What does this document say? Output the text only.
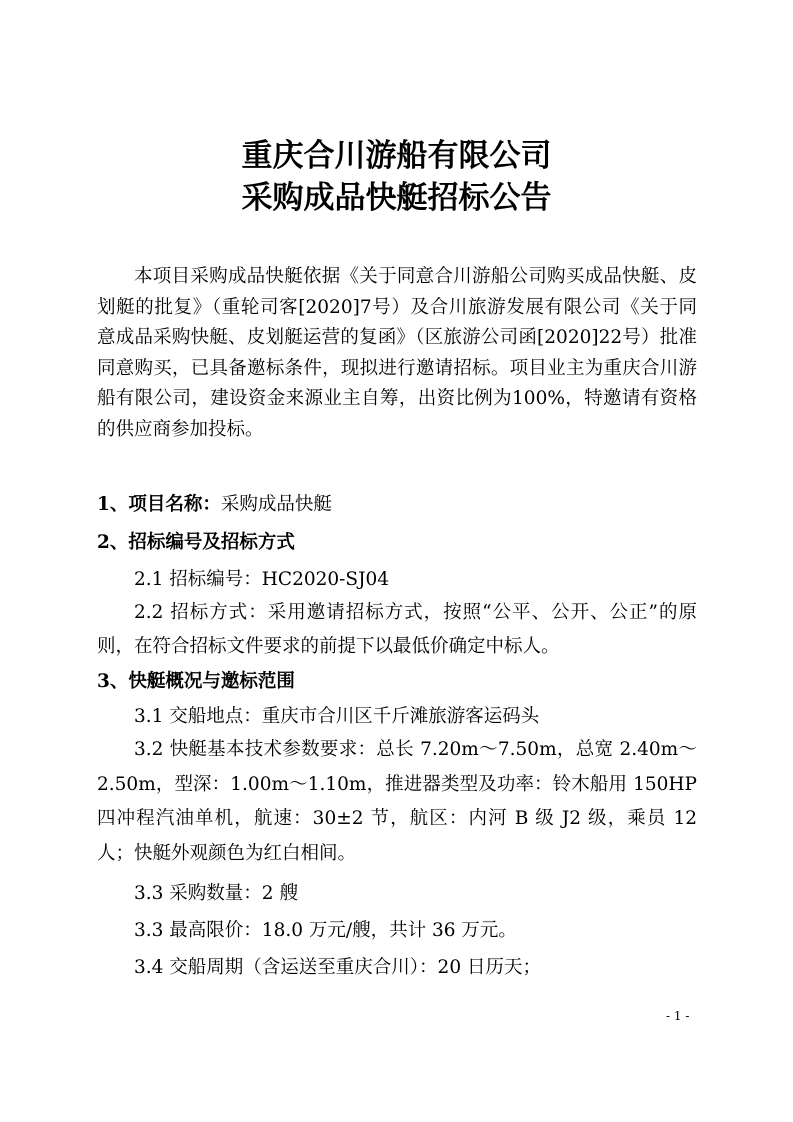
重庆合川游船有限公司
采购成品快艇招标公告
本项目采购成品快艇依据《关于同意合川游船公司购买成品快艇、皮划艇的批复》（重轮司客[2020]7号）及合川旅游发展有限公司《关于同意成品采购快艇、皮划艇运营的复函》（区旅游公司函[2020]22号）批准同意购买，已具备邀标条件，现拟进行邀请招标。项目业主为重庆合川游船有限公司，建设资金来源业主自筹，出资比例为100%，特邀请有资格的供应商参加投标。
1、项目名称：采购成品快艇
2、招标编号及招标方式
2.1 招标编号：HC2020-SJ04
2.2 招标方式：采用邀请招标方式，按照“公平、公开、公正”的原则，在符合招标文件要求的前提下以最低价确定中标人。
3、快艇概况与邀标范围
3.1 交船地点：重庆市合川区千斤滩旅游客运码头
3.2 快艇基本技术参数要求：总长 7.20m～7.50m，总宽 2.40m～2.50m，型深：1.00m～1.10m，推进器类型及功率：铃木船用 150HP 四冲程汽油单机，航速：30±2 节，航区：内河 B 级 J2 级，乘员 12 人；快艇外观颜色为红白相间。
3.3 采购数量：2 艘
3.3 最高限价：18.0 万元/艘，共计 36 万元。
3.4 交船周期（含运送至重庆合川）：20 日历天；
- 1 -
